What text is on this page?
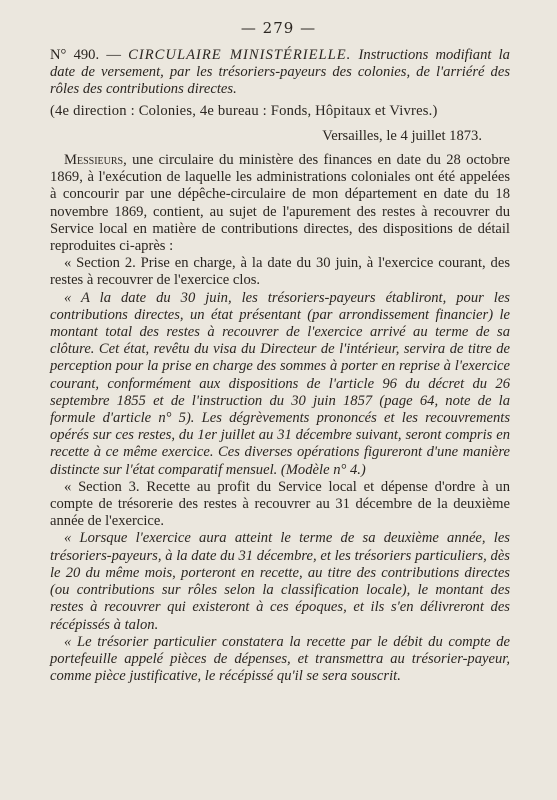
— 279 —

N° 490. — CIRCULAIRE MINISTÉRIELLE. Instructions modifiant la date de versement, par les trésoriers-payeurs des colonies, de l'arriéré des rôles des contributions directes.

(4e direction : Colonies, 4e bureau : Fonds, Hôpitaux et Vivres.)

Versailles, le 4 juillet 1873.

Messieurs, une circulaire du ministère des finances en date du 28 octobre 1869, à l'exécution de laquelle les administrations coloniales ont été appelées à concourir par une dépêche-circulaire de mon département en date du 18 novembre 1869, contient, au sujet de l'apurement des restes à recouvrer du Service local en matière de contributions directes, des dispositions de détail reproduites ci-après :

« Section 2. Prise en charge, à la date du 30 juin, à l'exercice courant, des restes à recouvrer de l'exercice clos.

« A la date du 30 juin, les trésoriers-payeurs établiront, pour les contributions directes, un état présentant (par arrondissement financier) le montant total des restes à recouvrer de l'exercice arrivé au terme de sa clôture. Cet état, revêtu du visa du Directeur de l'intérieur, servira de titre de perception pour la prise en charge des sommes à porter en reprise à l'exercice courant, conformément aux dispositions de l'article 96 du décret du 26 septembre 1855 et de l'instruction du 30 juin 1857 (page 64, note de la formule d'article n° 5). Les dégrèvements prononcés et les recouvrements opérés sur ces restes, du 1er juillet au 31 décembre suivant, seront compris en recette à ce même exercice. Ces diverses opérations figureront d'une manière distincte sur l'état comparatif mensuel. (Modèle n° 4.)

« Section 3. Recette au profit du Service local et dépense d'ordre à un compte de trésorerie des restes à recouvrer au 31 décembre de la deuxième année de l'exercice.

« Lorsque l'exercice aura atteint le terme de sa deuxième année, les trésoriers-payeurs, à la date du 31 décembre, et les trésoriers particuliers, dès le 20 du même mois, porteront en recette, au titre des contributions directes (ou contributions sur rôles selon la classification locale), le montant des restes à recouvrer qui existeront à ces époques, et ils s'en délivreront des récépissés à talon.

« Le trésorier particulier constatera la recette par le débit du compte de portefeuille appelé pièces de dépenses, et transmettra au trésorier-payeur, comme pièce justificative, le récépissé qu'il se sera souscrit.
